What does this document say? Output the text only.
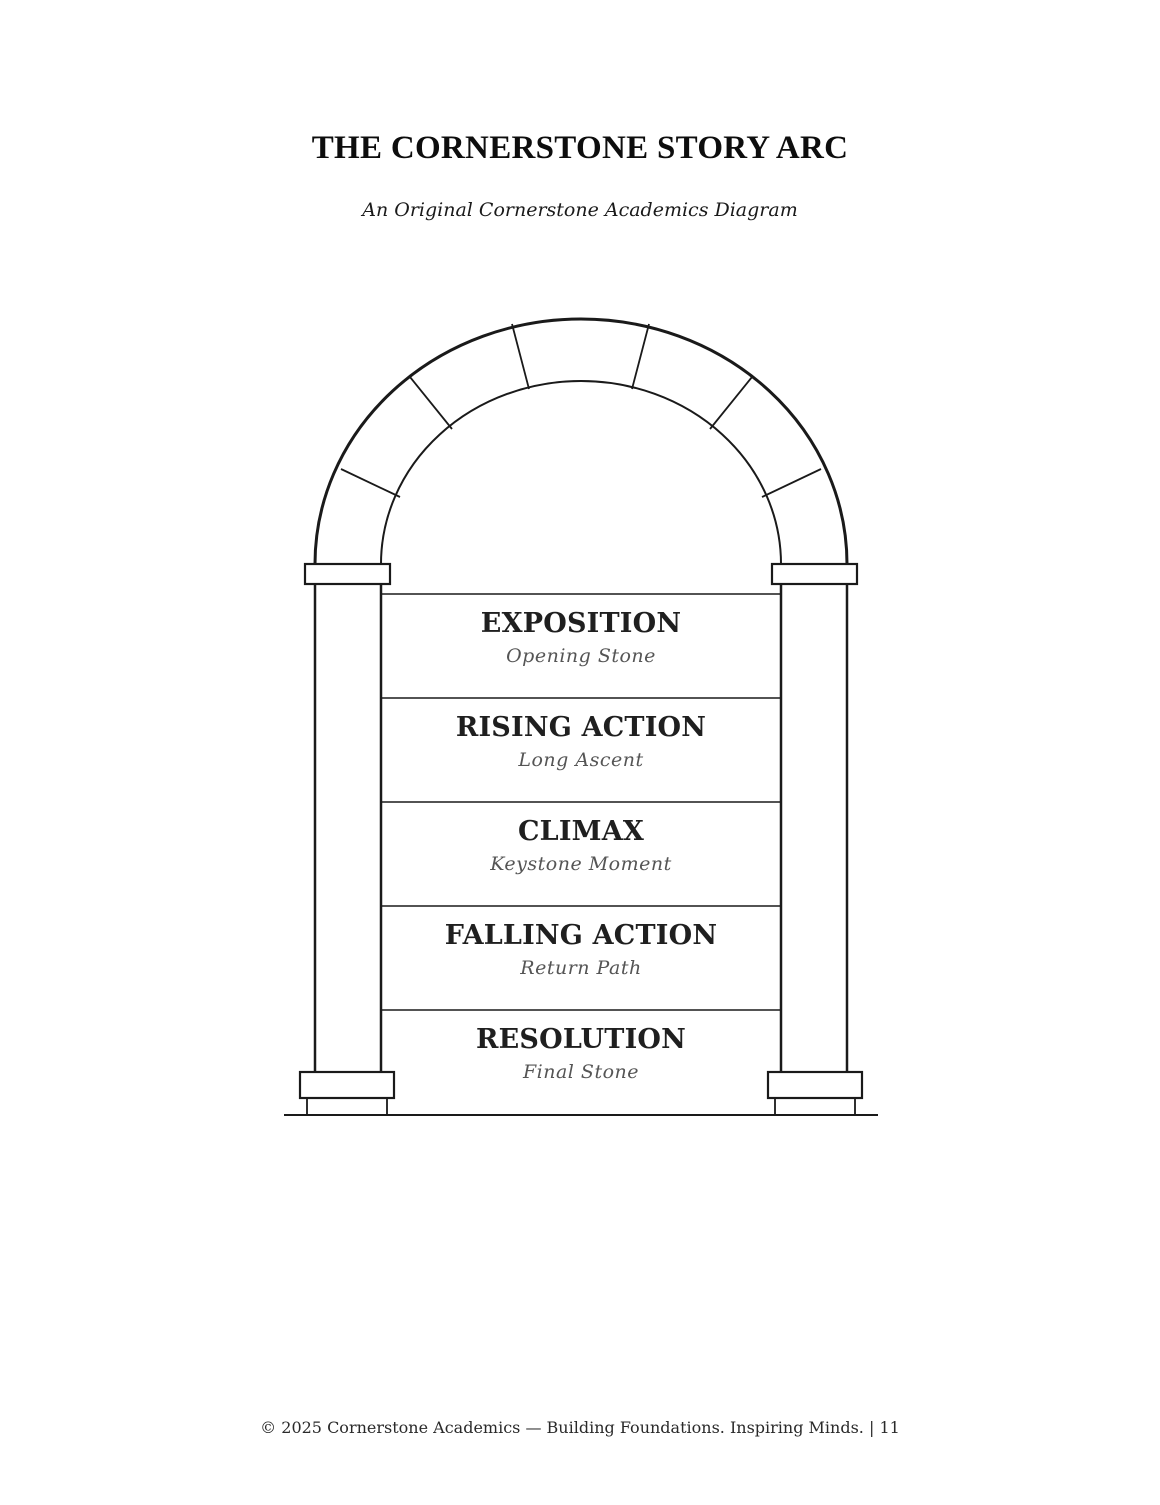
THE CORNERSTONE STORY ARC
An Original Cornerstone Academics Diagram
EXPOSITION
Opening Stone
RISING ACTION
Long Ascent
CLIMAX
Keystone Moment
FALLING ACTION
Return Path
RESOLUTION
Final Stone
© 2025 Cornerstone Academics — Building Foundations. Inspiring Minds. | 11
